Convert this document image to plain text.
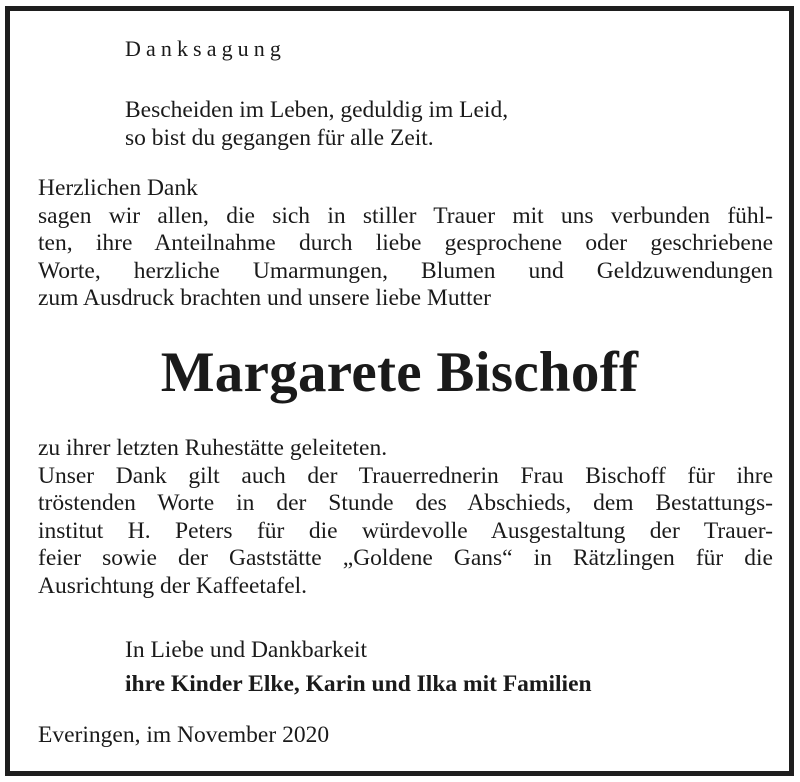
Danksagung
Bescheiden im Leben, geduldig im Leid,
so bist du gegangen für alle Zeit.
Herzlichen Dank
sagen wir allen, die sich in stiller Trauer mit uns verbunden fühl-
ten, ihre Anteilnahme durch liebe gesprochene oder geschriebene
Worte, herzliche Umarmungen, Blumen und Geldzuwendungen
zum Ausdruck brachten und unsere liebe Mutter
Margarete Bischoff
zu ihrer letzten Ruhestätte geleiteten.
Unser Dank gilt auch der Trauerrednerin Frau Bischoff für ihre
tröstenden Worte in der Stunde des Abschieds, dem Bestattungs-
institut H. Peters für die würdevolle Ausgestaltung der Trauer-
feier sowie der Gaststätte „Goldene Gans“ in Rätzlingen für die
Ausrichtung der Kaffeetafel.
In Liebe und Dankbarkeit
ihre Kinder Elke, Karin und Ilka mit Familien
Everingen, im November 2020
